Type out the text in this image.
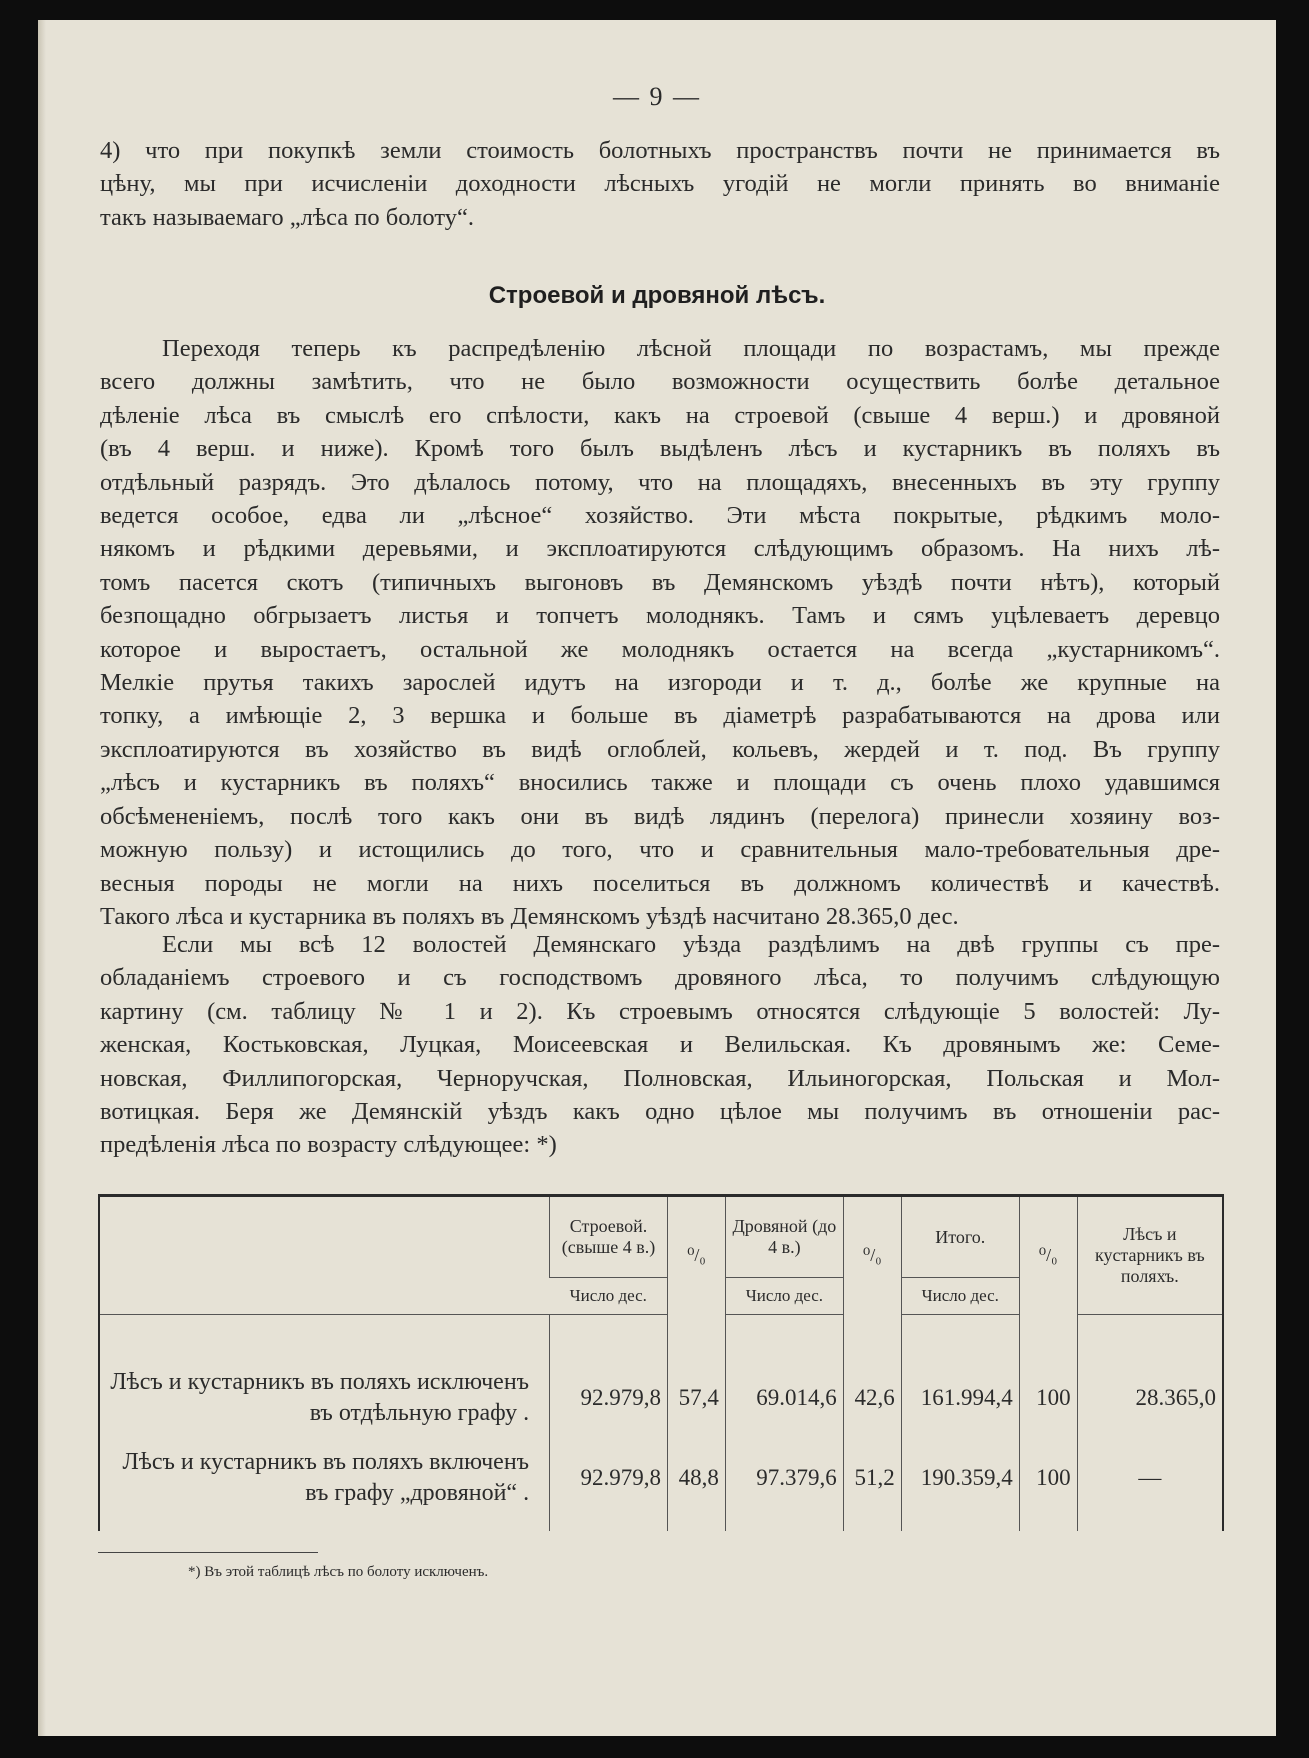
— 9 —
4) что при покупкѣ земли стоимость болотныхъ пространствъ почти не принимается въ
цѣну, мы при исчисленіи доходности лѣсныхъ угодій не могли принять во вниманіе
такъ называемаго „лѣса по болоту“.
Строевой и дровяной лѣсъ.
Переходя теперь къ распредѣленію лѣсной площади по возрастамъ, мы прежде
всего должны замѣтить, что не было возможности осуществить болѣе детальное
дѣленіе лѣса въ смыслѣ его спѣлости, какъ на строевой (свыше 4 верш.) и дровяной
(въ 4 верш. и ниже). Кромѣ того былъ выдѣленъ лѣсъ и кустарникъ въ поляхъ въ
отдѣльный разрядъ. Это дѣлалось потому, что на площадяхъ, внесенныхъ въ эту группу
ведется особое, едва ли „лѣсное“ хозяйство. Эти мѣста покрытые, рѣдкимъ моло-
някомъ и рѣдкими деревьями, и эксплоатируются слѣдующимъ образомъ. На нихъ лѣ-
томъ пасется скотъ (типичныхъ выгоновъ въ Демянскомъ уѣздѣ почти нѣтъ), который
безпощадно обгрызаетъ листья и топчетъ молоднякъ. Тамъ и сямъ уцѣлеваетъ деревцо
которое и выростаетъ, остальной же молоднякъ остается на всегда „кустарникомъ“.
Мелкіе прутья такихъ зарослей идутъ на изгороди и т. д., болѣе же крупные на
топку, а имѣющіе 2, 3 вершка и больше въ діаметрѣ разрабатываются на дрова или
эксплоатируются въ хозяйство въ видѣ оглоблей, кольевъ, жердей и т. под. Въ группу
„лѣсъ и кустарникъ въ поляхъ“ вносились также и площади съ очень плохо удавшимся
обсѣмененіемъ, послѣ того какъ они въ видѣ лядинъ (перелога) принесли хозяину воз-
можную пользу) и истощились до того, что и сравнительныя мало-требовательныя дре-
весныя породы не могли на нихъ поселиться въ должномъ количествѣ и качествѣ.
Такого лѣса и кустарника въ поляхъ въ Демянскомъ уѣздѣ насчитано 28.365,0 дес.
Если мы всѣ 12 волостей Демянскаго уѣзда раздѣлимъ на двѣ группы съ пре-
обладаніемъ строевого и съ господствомъ дровяного лѣса, то получимъ слѣдующую
картину (см. таблицу № 1 и 2). Къ строевымъ относятся слѣдующіе 5 волостей: Лу-
женская, Костьковская, Луцкая, Моисеевская и Велильская. Къ дровянымъ же: Семе-
новская, Филлипогорская, Черноручская, Полновская, Ильиногорская, Польская и Мол-
вотицкая. Беря же Демянскій уѣздъ какъ одно цѣлое мы получимъ въ отношеніи рас-
предѣленія лѣса по возрасту слѣдующее: *)
	Строевой. (свыше 4 в.)	⁰/₀	Дровяной (до 4 в.)	⁰/₀	Итого.	⁰/₀	Лѣсъ и кустарникъ въ поляхъ.
	Число дес.		Число дес.		Число дес.		
Лѣсъ и кустарникъ въ поляхъ исключенъ въ отдѣльную графу .	92.979,8	57,4	69.014,6	42,6	161.994,4	100	28.365,0
Лѣсъ и кустарникъ въ поляхъ включенъ въ графу „дровяной“ .	92.979,8	48,8	97.379,6	51,2	190.359,4	100	—
*) Въ этой таблицѣ лѣсъ по болоту исключенъ.
